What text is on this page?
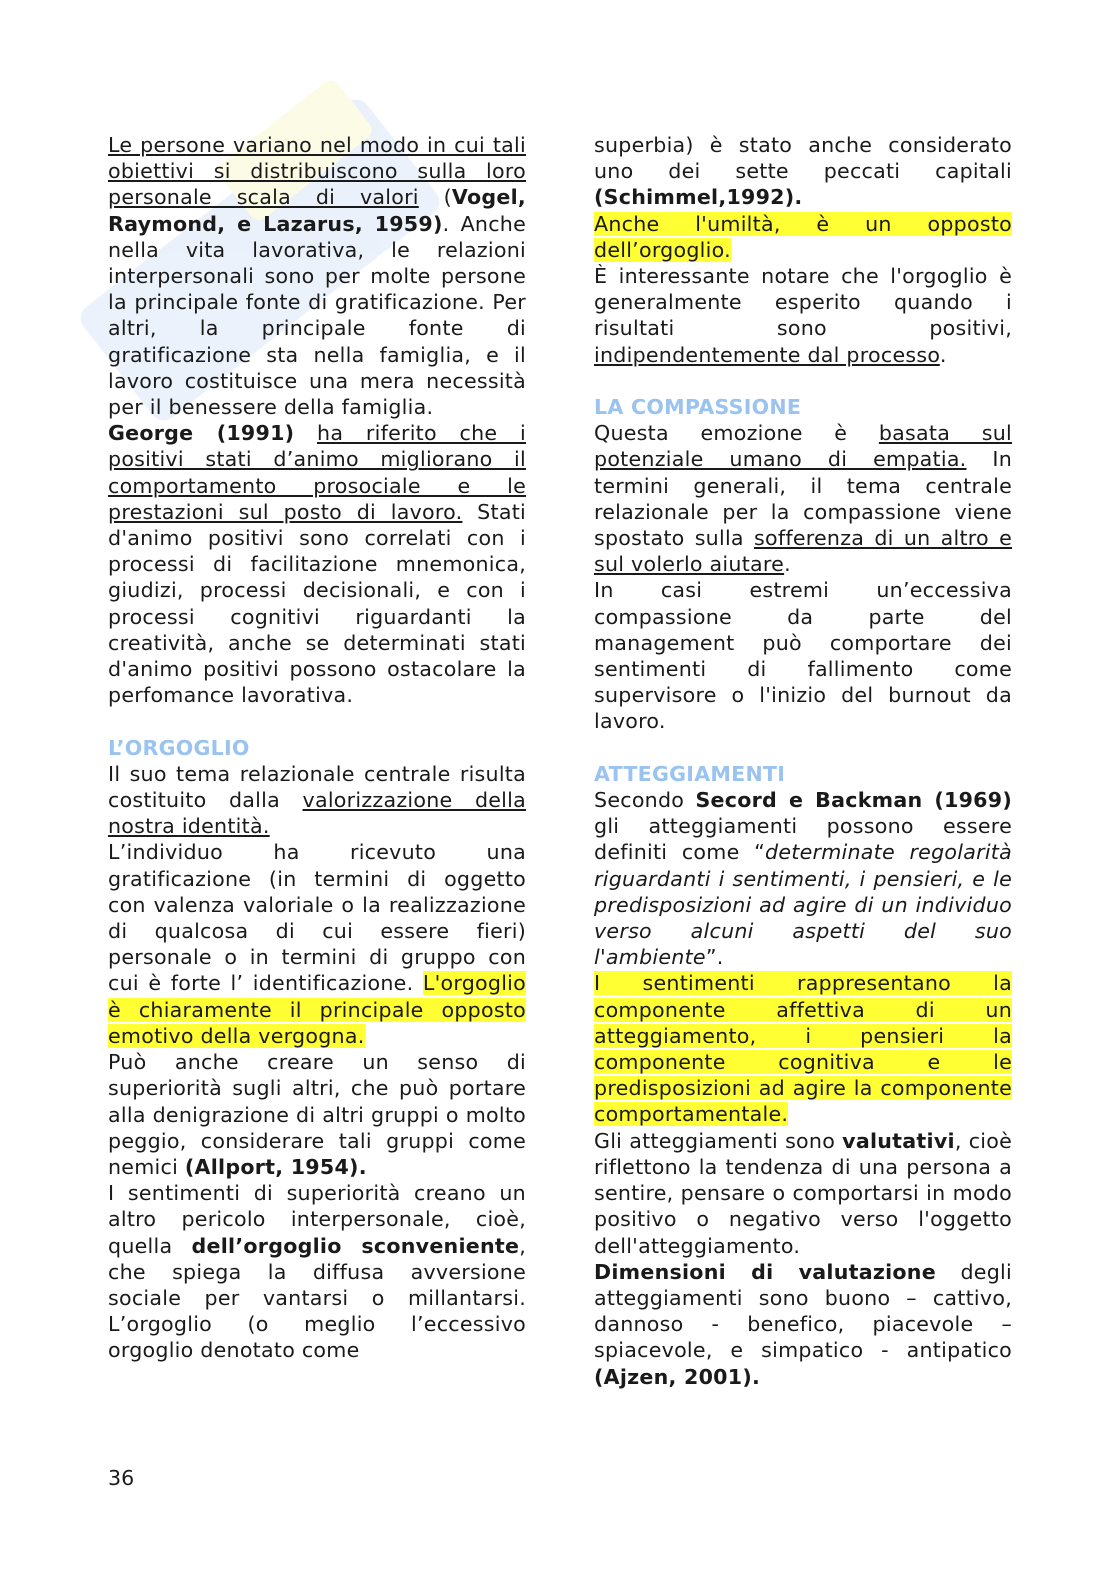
Le persone variano nel modo in cui tali obiettivi si distribuiscono sulla loro personale scala di valori (Vogel, Raymond, e Lazarus, 1959). Anche nella vita lavorativa, le relazioni interpersonali sono per molte persone la principale fonte di gratificazione. Per altri, la principale fonte di gratificazione sta nella famiglia, e il lavoro costituisce una mera necessità per il benessere della famiglia.

George (1991) ha riferito che i positivi stati d’animo migliorano il comportamento prosociale e le prestazioni sul posto di lavoro. Stati d'animo positivi sono correlati con i processi di facilitazione mnemonica, giudizi, processi decisionali, e con i processi cognitivi riguardanti la creatività, anche se determinati stati d'animo positivi possono ostacolare la perfomance lavorativa.

L’ORGOGLIO

Il suo tema relazionale centrale risulta costituito dalla valorizzazione della nostra identità.

L’individuo ha ricevuto una gratificazione (in termini di oggetto con valenza valoriale o la realizzazione di qualcosa di cui essere fieri) personale o in termini di gruppo con cui è forte l’ identificazione. L'orgoglio è chiaramente il principale opposto emotivo della vergogna.

Può anche creare un senso di superiorità sugli altri, che può portare alla denigrazione di altri gruppi o molto peggio, considerare tali gruppi come nemici (Allport, 1954).

I sentimenti di superiorità creano un altro pericolo interpersonale, cioè, quella dell’orgoglio sconveniente, che spiega la diffusa avversione sociale per vantarsi o millantarsi. L’orgoglio (o meglio l’eccessivo orgoglio denotato come

superbia) è stato anche considerato uno dei sette peccati capitali (Schimmel,1992).

Anche l'umiltà, è un opposto dell’orgoglio.

È interessante notare che l'orgoglio è generalmente esperito quando i risultati sono positivi, indipendentemente dal processo.

LA COMPASSIONE

Questa emozione è basata sul potenziale umano di empatia. In termini generali, il tema centrale relazionale per la compassione viene spostato sulla sofferenza di un altro e sul volerlo aiutare.

In casi estremi un’eccessiva compassione da parte del management può comportare dei sentimenti di fallimento come supervisore o l'inizio del burnout da lavoro.

ATTEGGIAMENTI

Secondo Secord e Backman (1969) gli atteggiamenti possono essere definiti come “determinate regolarità riguardanti i sentimenti, i pensieri, e le predisposizioni ad agire di un individuo verso alcuni aspetti del suo l'ambiente”.

I sentimenti rappresentano la componente affettiva di un atteggiamento, i pensieri la componente cognitiva e le predisposizioni ad agire la componente comportamentale.

Gli atteggiamenti sono valutativi, cioè riflettono la tendenza di una persona a sentire, pensare o comportarsi in modo positivo o negativo verso l'oggetto dell'atteggiamento.

Dimensioni di valutazione degli atteggiamenti sono buono – cattivo, dannoso - benefico, piacevole – spiacevole, e simpatico - antipatico (Ajzen, 2001).

36
